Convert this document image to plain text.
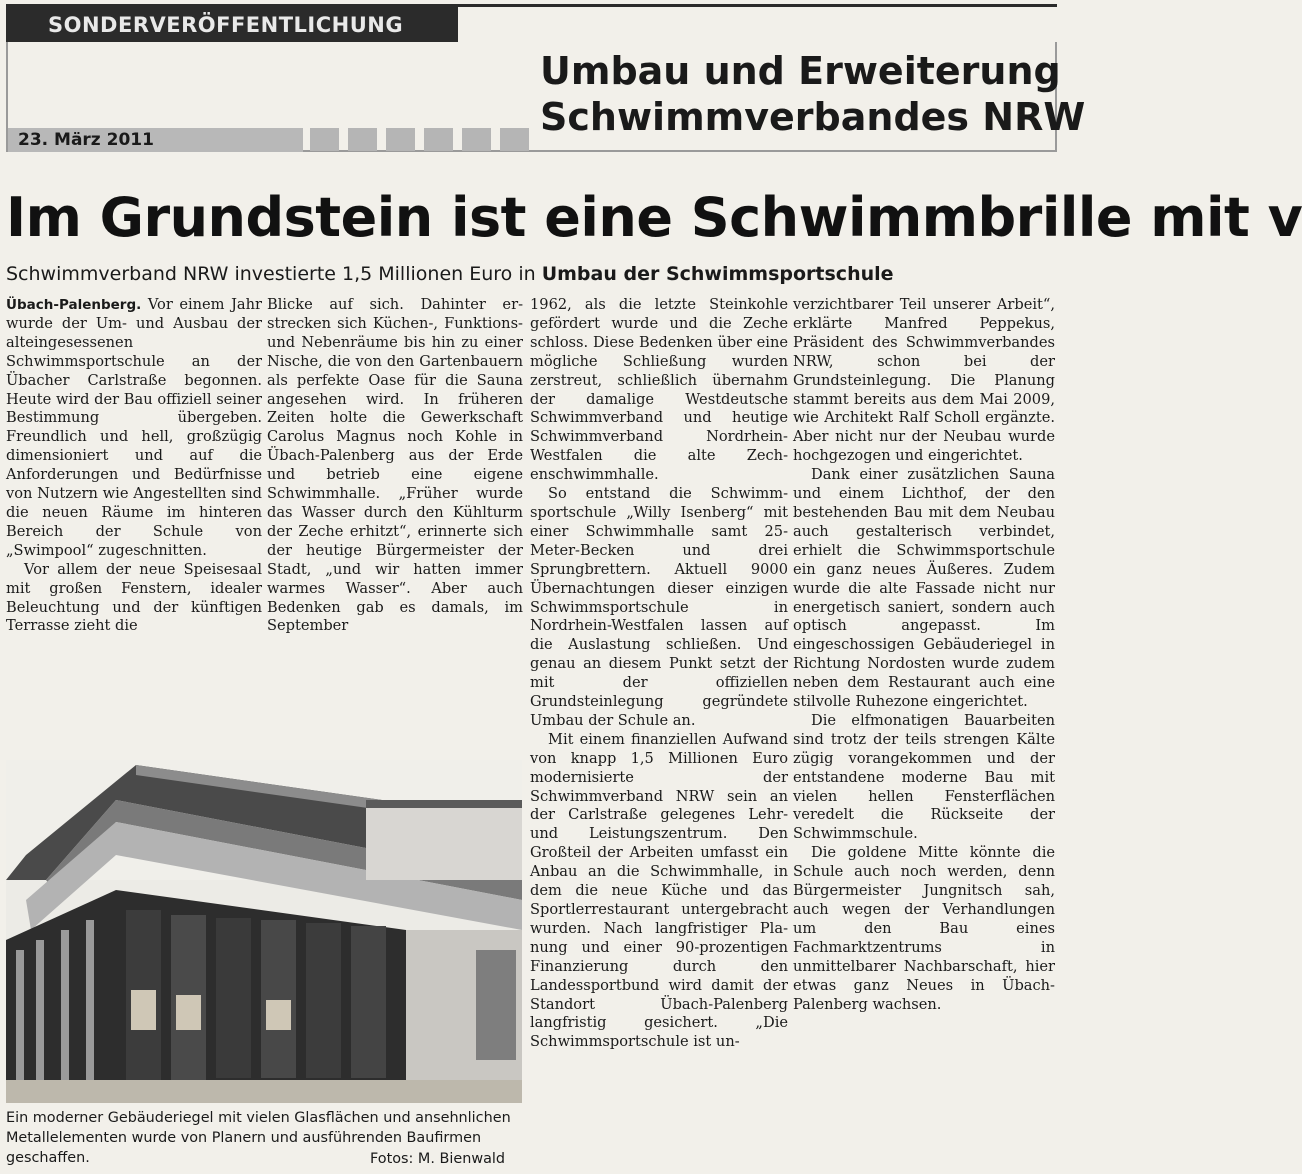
SONDERVERÖFFENTLICHUNG
23. März 2011
Umbau und Erweiterung
Schwimmverbandes NRW
Im Grundstein ist eine Schwimmbrille mit v
Schwimmverband NRW investierte 1,5 Millionen Euro in Umbau der Schwimmsportschule

Übach-Palenberg. Vor einem Jahr wurde der Um- und Ausbau der alteingesessenen Schwimmsportschule an der Übacher Carlstraße begonnen. Heute wird der Bau offiziell seiner Bestimmung übergeben. Freundlich und hell, großzügig dimensioniert und auf die Anforderungen und Bedürfnisse von Nutzern wie Angestellten sind die neuen Räume im hinteren Bereich der Schule von „Swimpool“ zugeschnitten.

Vor allem der neue Speisesaal mit großen Fenstern, idealer Beleuchtung und der künftigen Terrasse zieht die

Blicke auf sich. Dahinter erstrecken sich Küchen-, Funktions- und Nebenräume bis hin zu einer Nische, die von den Gartenbauern als perfekte Oase für die Sauna angesehen wird. In früheren Zeiten holte die Gewerkschaft Carolus Magnus noch Kohle in Übach-Palenberg aus der Erde und betrieb eine eigene Schwimmhalle. „Früher wurde das Wasser durch den Kühlturm der Zeche erhitzt“, erinnerte sich der heutige Bürgermeister der Stadt, „und wir hatten immer warmes Wasser“. Aber auch Bedenken gab es damals, im September

Ein moderner Gebäuderiegel mit vielen Glasflächen und ansehnlichen Metallelementen wurde von Planern und ausführenden Baufirmen geschaffen.	Fotos: M. Bienwald

1962, als die letzte Steinkohle gefördert wurde und die Zeche schloss. Diese Bedenken über eine mögliche Schließung wurden zerstreut, schließlich übernahm der damalige Westdeutsche Schwimmverband und heutige Schwimmverband Nordrhein-Westfalen die alte Zechenschwimmhalle.

So entstand die Schwimmsportschule „Willy Isenberg“ mit einer Schwimmhalle samt 25-Meter-Becken und drei Sprungbrettern. Aktuell 9000 Übernachtungen dieser einzigen Schwimmsportschule in Nordrhein-Westfalen lassen auf die Auslastung schließen. Und genau an diesem Punkt setzt der mit der offiziellen Grundsteinlegung gegründete Umbau der Schule an.

Mit einem finanziellen Aufwand von knapp 1,5 Millionen Euro modernisierte der Schwimmverband NRW sein an der Carlstraße gelegenes Lehr- und Leistungszentrum. Den Großteil der Arbeiten umfasst ein Anbau an die Schwimmhalle, in dem die neue Küche und das Sportlerrestaurant untergebracht wurden. Nach langfristiger Planung und einer 90-prozentigen Finanzierung durch den Landessportbund wird damit der Standort Übach-Palenberg langfristig gesichert. „Die Schwimmsportschule ist un-

verzichtbarer Teil unserer Arbeit“, erklärte Manfred Peppekus, Präsident des Schwimmverbandes NRW, schon bei der Grundsteinlegung. Die Planung stammt bereits aus dem Mai 2009, wie Architekt Ralf Scholl ergänzte. Aber nicht nur der Neubau wurde hochgezogen und eingerichtet.

Dank einer zusätzlichen Sauna und einem Lichthof, der den bestehenden Bau mit dem Neubau auch gestalterisch verbindet, erhielt die Schwimmsportschule ein ganz neues Äußeres. Zudem wurde die alte Fassade nicht nur energetisch saniert, sondern auch optisch angepasst. Im eingeschossigen Gebäuderiegel in Richtung Nordosten wurde zudem neben dem Restaurant auch eine stilvolle Ruhezone eingerichtet.

Die elfmonatigen Bauarbeiten sind trotz der teils strengen Kälte zügig vorangekommen und der entstandene moderne Bau mit vielen hellen Fensterflächen veredelt die Rückseite der Schwimmschule.

Die goldene Mitte könnte die Schule auch noch werden, denn Bürgermeister Jungnitsch sah, auch wegen der Verhandlungen um den Bau eines Fachmarktzentrums in unmittelbarer Nachbarschaft, hier etwas ganz Neues in Übach-Palenberg wachsen.
